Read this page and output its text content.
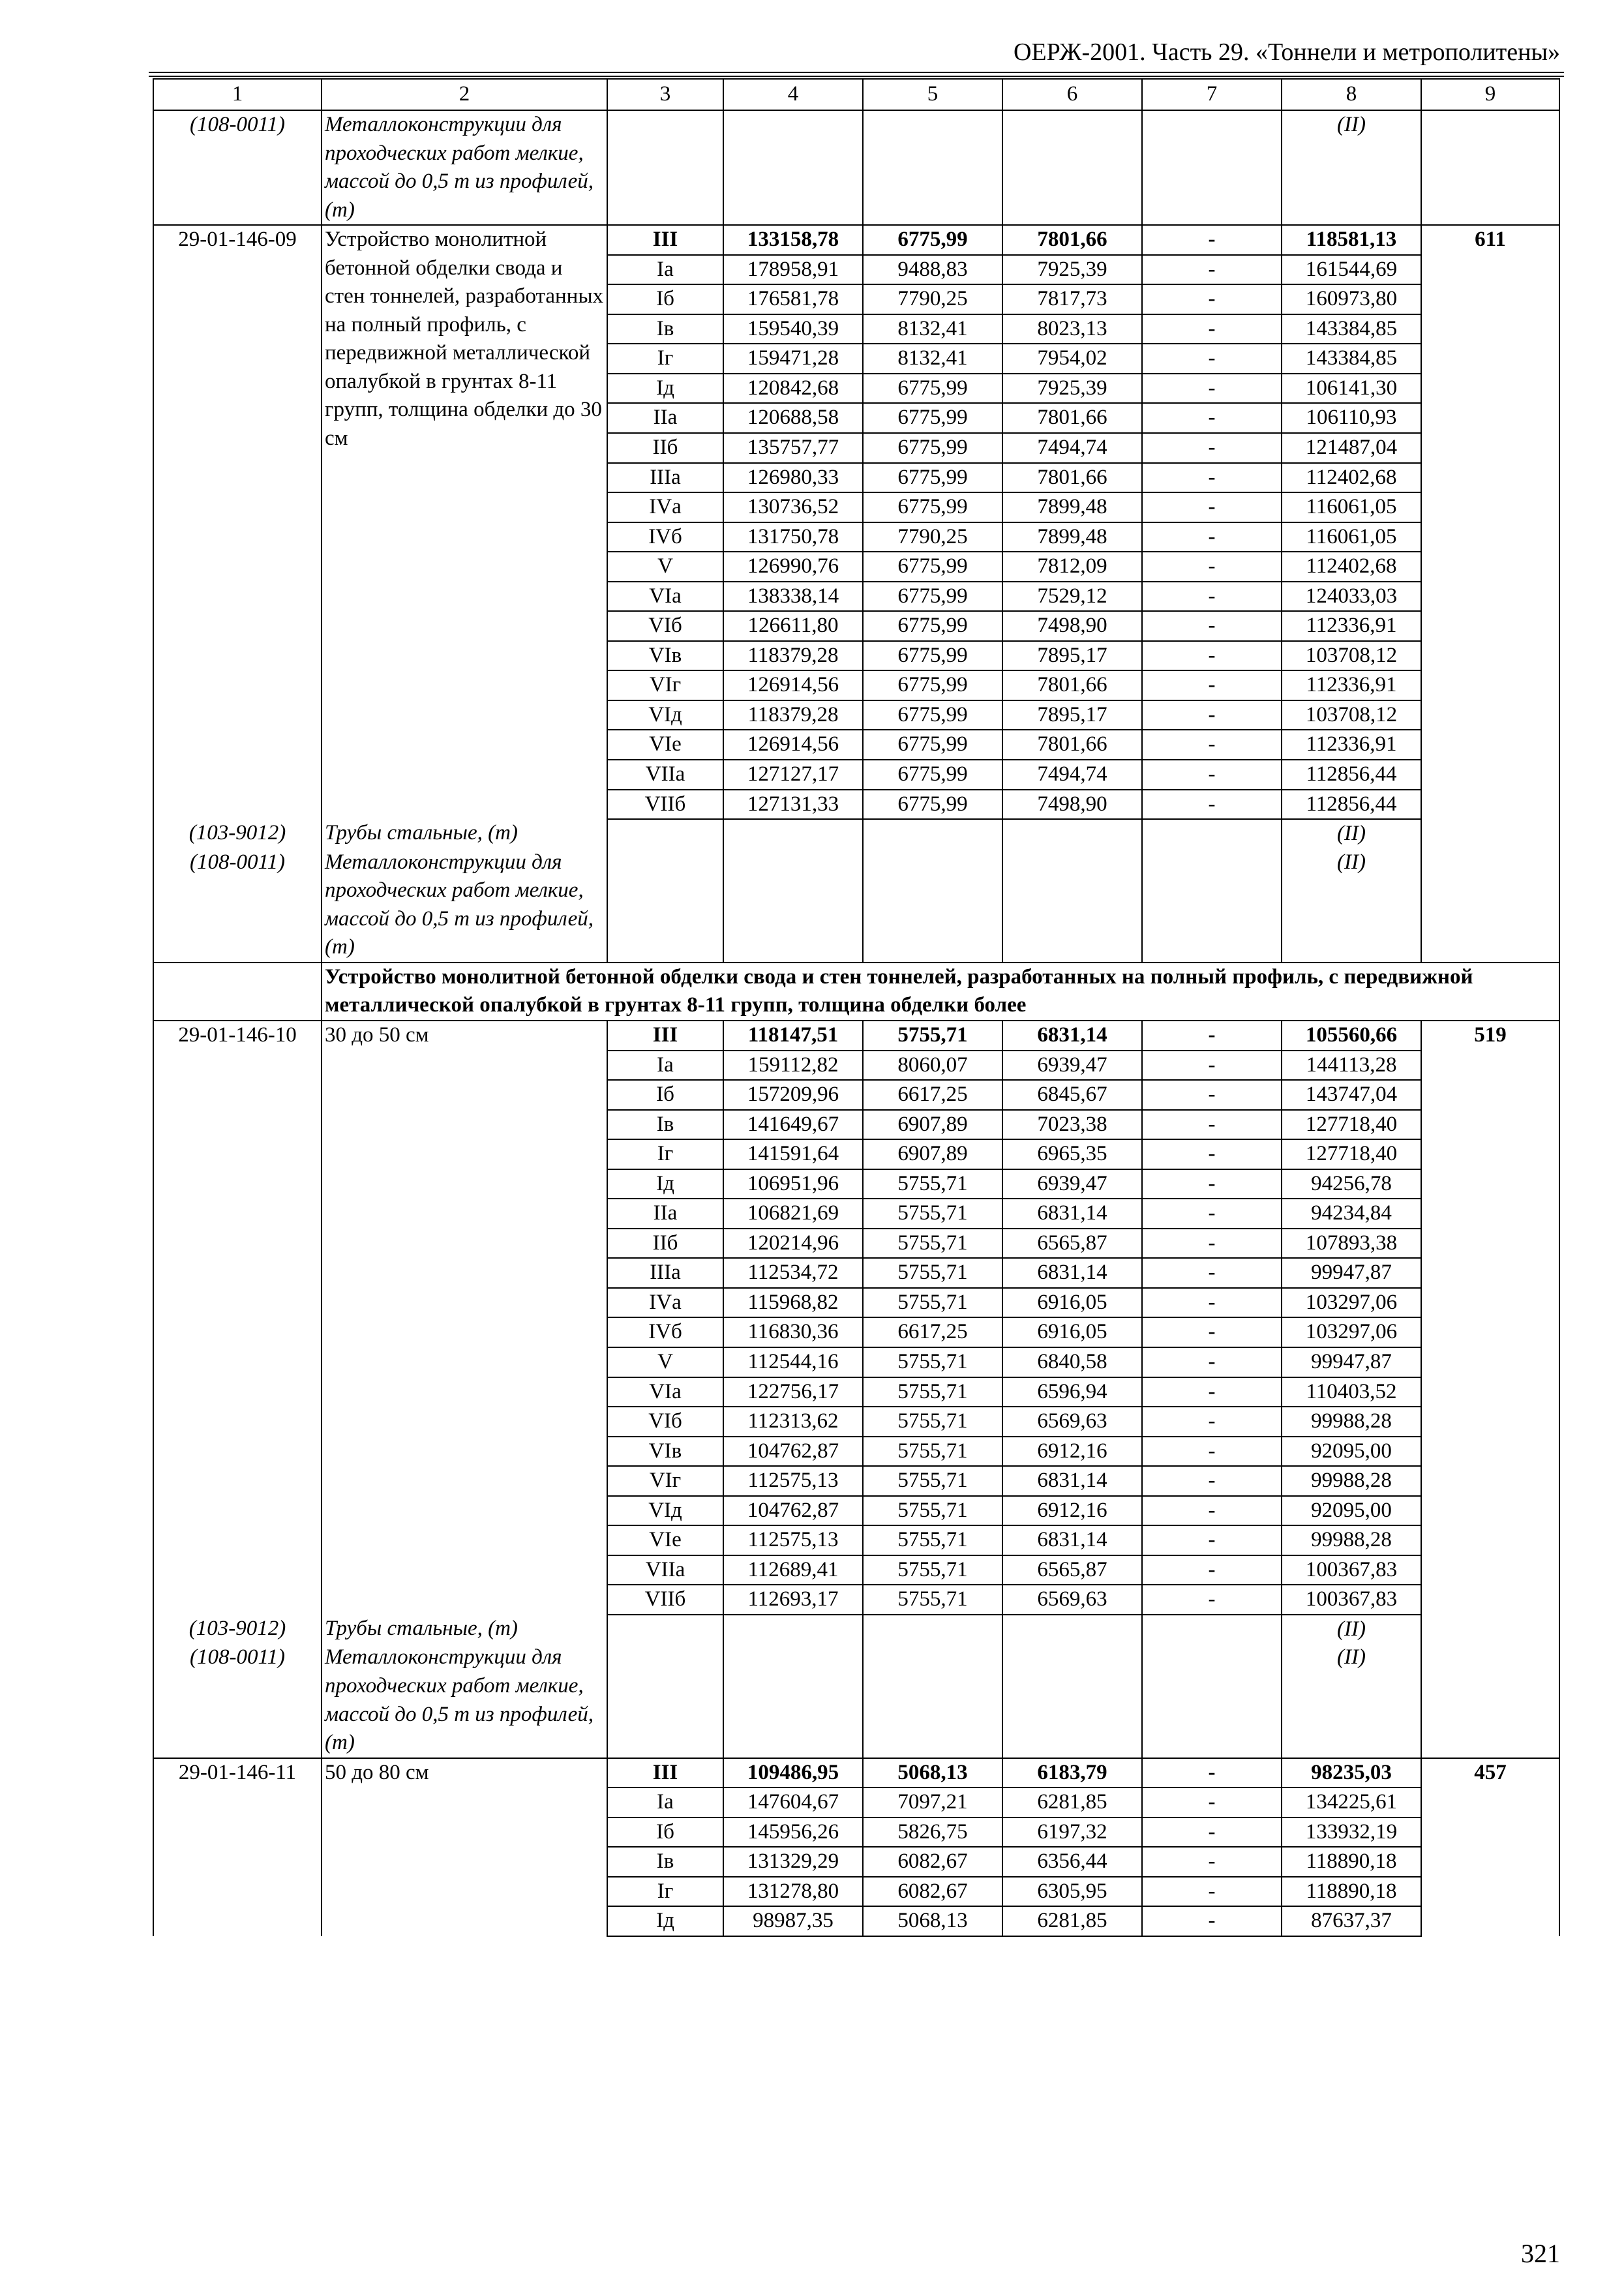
ОЕРЖ-2001. Часть 29. «Тоннели и метрополитены»
1	2	3	4	5	6	7	8	9
(108-0011)	Металлоконструкции для проходческих работ мелкие, массой до 0,5 т из профилей, (т)						(II)	
29-01-146-09	Устройство монолитной бетонной обделки свода и стен тоннелей, разработанных на полный профиль, с передвижной металлической опалубкой в грунтах 8-11 групп, толщина обделки до 30 см	III	133158,78	6775,99	7801,66	-	118581,13	611
		Iа	178958,91	9488,83	7925,39	-	161544,69	
		Iб	176581,78	7790,25	7817,73	-	160973,80	
		Iв	159540,39	8132,41	8023,13	-	143384,85	
		Iг	159471,28	8132,41	7954,02	-	143384,85	
		Iд	120842,68	6775,99	7925,39	-	106141,30	
		IIа	120688,58	6775,99	7801,66	-	106110,93	
		IIб	135757,77	6775,99	7494,74	-	121487,04	
		IIIа	126980,33	6775,99	7801,66	-	112402,68	
		IVа	130736,52	6775,99	7899,48	-	116061,05	
		IVб	131750,78	7790,25	7899,48	-	116061,05	
		V	126990,76	6775,99	7812,09	-	112402,68	
		VIа	138338,14	6775,99	7529,12	-	124033,03	
		VIб	126611,80	6775,99	7498,90	-	112336,91	
		VIв	118379,28	6775,99	7895,17	-	103708,12	
		VIг	126914,56	6775,99	7801,66	-	112336,91	
		VIд	118379,28	6775,99	7895,17	-	103708,12	
		VIе	126914,56	6775,99	7801,66	-	112336,91	
		VIIа	127127,17	6775,99	7494,74	-	112856,44	
		VIIб	127131,33	6775,99	7498,90	-	112856,44	
(103-9012)	Трубы стальные, (т)						(II)	
(108-0011)	Металлоконструкции для проходческих работ мелкие, массой до 0,5 т из профилей, (т)						(II)	
	Устройство монолитной бетонной обделки свода и стен тоннелей, разработанных на полный профиль, с передвижной металлической опалубкой в грунтах 8-11 групп, толщина обделки более							
29-01-146-10	30 до 50 см	III	118147,51	5755,71	6831,14	-	105560,66	519
		Iа	159112,82	8060,07	6939,47	-	144113,28	
		Iб	157209,96	6617,25	6845,67	-	143747,04	
		Iв	141649,67	6907,89	7023,38	-	127718,40	
		Iг	141591,64	6907,89	6965,35	-	127718,40	
		Iд	106951,96	5755,71	6939,47	-	94256,78	
		IIа	106821,69	5755,71	6831,14	-	94234,84	
		IIб	120214,96	5755,71	6565,87	-	107893,38	
		IIIа	112534,72	5755,71	6831,14	-	99947,87	
		IVа	115968,82	5755,71	6916,05	-	103297,06	
		IVб	116830,36	6617,25	6916,05	-	103297,06	
		V	112544,16	5755,71	6840,58	-	99947,87	
		VIа	122756,17	5755,71	6596,94	-	110403,52	
		VIб	112313,62	5755,71	6569,63	-	99988,28	
		VIв	104762,87	5755,71	6912,16	-	92095,00	
		VIг	112575,13	5755,71	6831,14	-	99988,28	
		VIд	104762,87	5755,71	6912,16	-	92095,00	
		VIе	112575,13	5755,71	6831,14	-	99988,28	
		VIIа	112689,41	5755,71	6565,87	-	100367,83	
		VIIб	112693,17	5755,71	6569,63	-	100367,83	
(103-9012)	Трубы стальные, (т)						(II)	
(108-0011)	Металлоконструкции для проходческих работ мелкие, массой до 0,5 т из профилей, (т)						(II)	
29-01-146-11	50 до 80 см	III	109486,95	5068,13	6183,79	-	98235,03	457
		Iа	147604,67	7097,21	6281,85	-	134225,61	
		Iб	145956,26	5826,75	6197,32	-	133932,19	
		Iв	131329,29	6082,67	6356,44	-	118890,18	
		Iг	131278,80	6082,67	6305,95	-	118890,18	
		Iд	98987,35	5068,13	6281,85	-	87637,37	
321
